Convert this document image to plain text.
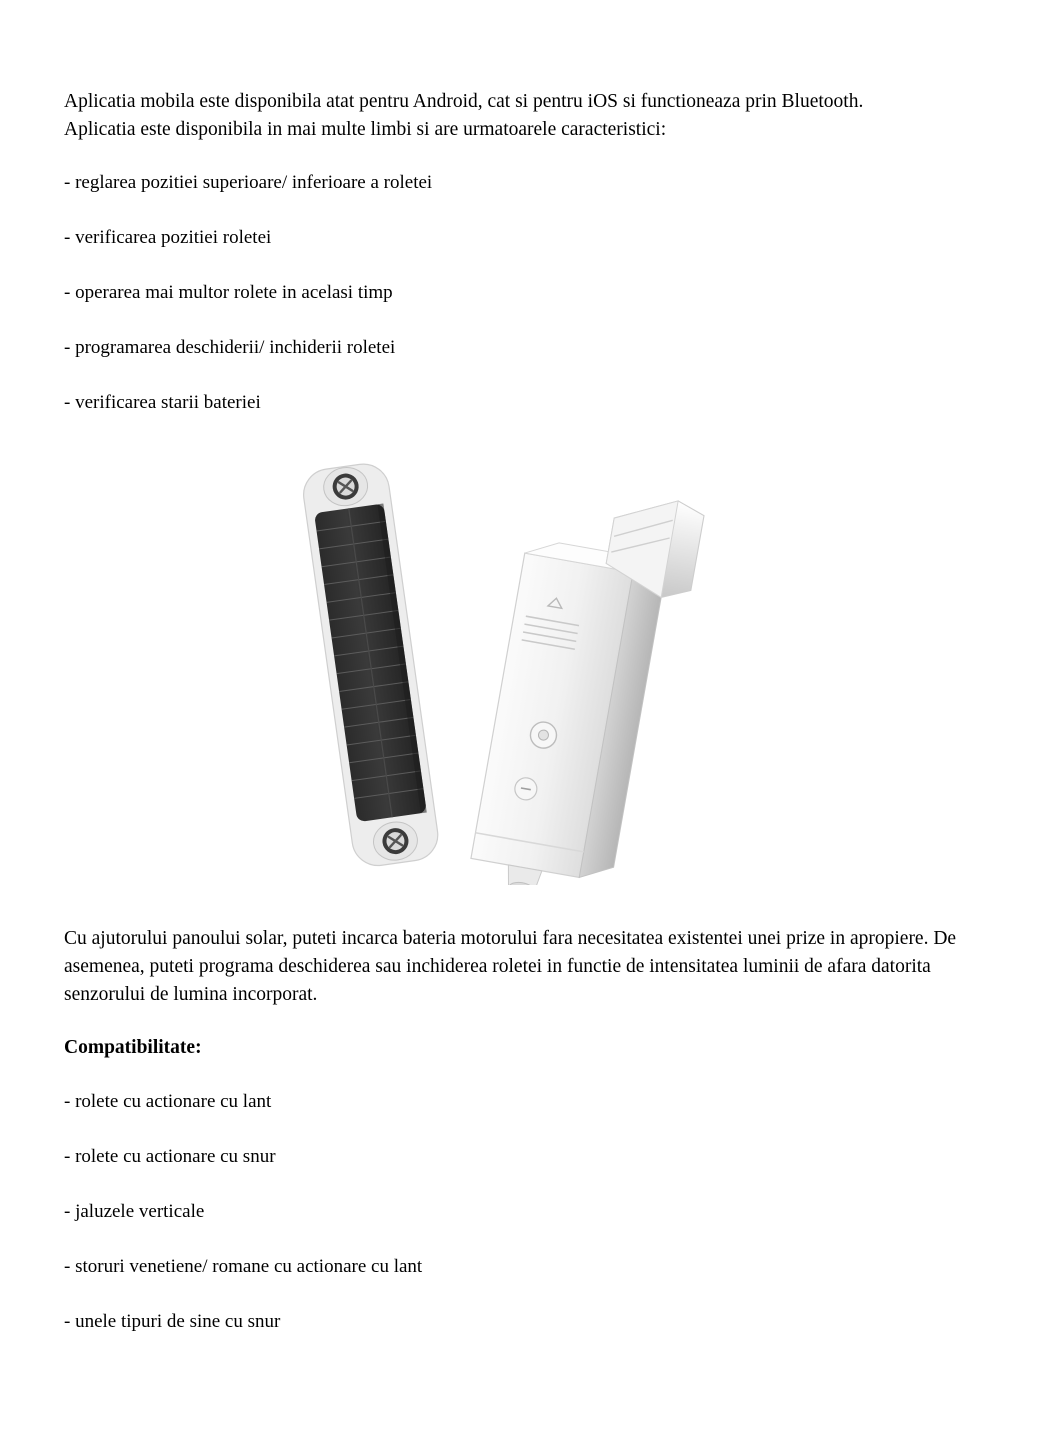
Aplicatia mobila este disponibila atat pentru Android, cat si pentru iOS si functioneaza prin Bluetooth. Aplicatia este disponibila in mai multe limbi si are urmatoarele caracteristici:

- reglarea pozitiei superioare/ inferioare a roletei

- verificarea pozitiei roletei

- operarea mai multor rolete in acelasi timp

- programarea deschiderii/ inchiderii roletei

- verificarea starii bateriei

Cu ajutorului panoului solar, puteti incarca bateria motorului fara necesitatea existentei unei prize in apropiere. De asemenea, puteti programa deschiderea sau inchiderea roletei in functie de intensitatea luminii de afara datorita senzorului de lumina incorporat.

Compatibilitate:

- rolete cu actionare cu lant

- rolete cu actionare cu snur

- jaluzele verticale

- storuri venetiene/ romane cu actionare cu lant

- unele tipuri de sine cu snur
